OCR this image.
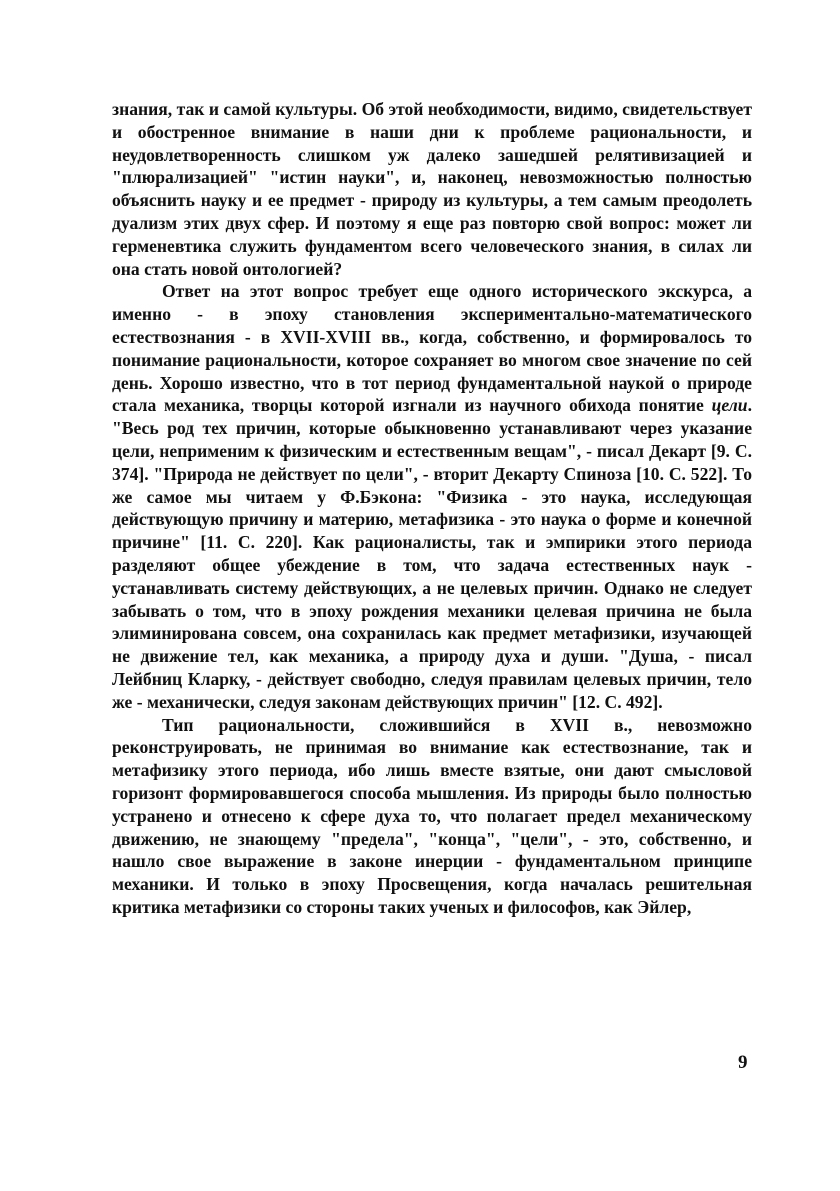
знания, так и самой культуры. Об этой необходимости, видимо, свидетельствует и обостренное внимание в наши дни к проблеме рациональности, и неудовлетворенность слишком уж далеко зашедшей релятивизацией и "плюрализацией" "истин науки", и, наконец, невозможностью полностью объяснить науку и ее предмет - природу из культуры, а тем самым преодолеть дуализм этих двух сфер. И поэтому я еще раз повторю свой вопрос: может ли герменевтика служить фундаментом всего человеческого знания, в силах ли она стать новой онтологией?

Ответ на этот вопрос требует еще одного исторического экскурса, а именно - в эпоху становления экспериментально-математического естествознания - в XVII-XVIII вв., когда, собственно, и формировалось то понимание рациональности, которое сохраняет во многом свое значение по сей день. Хорошо известно, что в тот период фундаментальной наукой о природе стала механика, творцы которой изгнали из научного обихода понятие цели. "Весь род тех причин, которые обыкновенно устанавливают через указание цели, неприменим к физическим и естественным вещам", - писал Декарт [9. С. 374]. "Природа не действует по цели", - вторит Декарту Спиноза [10. С. 522]. То же самое мы читаем у Ф.Бэкона: "Физика - это наука, исследующая действующую причину и материю, метафизика - это наука о форме и конечной причине" [11. С. 220]. Как рационалисты, так и эмпирики этого периода разделяют общее убеждение в том, что задача естественных наук - устанавливать систему действующих, а не целевых причин. Однако не следует забывать о том, что в эпоху рождения механики целевая причина не была элиминирована совсем, она сохранилась как предмет метафизики, изучающей не движение тел, как механика, а природу духа и души. "Душа, - писал Лейбниц Кларку, - действует свободно, следуя правилам целевых причин, тело же - механически, следуя законам действующих причин" [12. С. 492].

Тип рациональности, сложившийся в XVII в., невозможно реконструировать, не принимая во внимание как естествознание, так и метафизику этого периода, ибо лишь вместе взятые, они дают смысловой горизонт формировавшегося способа мышления. Из природы было полностью устранено и отнесено к сфере духа то, что полагает предел механическому движению, не знающему "предела", "конца", "цели", - это, собственно, и нашло свое выражение в законе инерции - фундаментальном принципе механики. И только в эпоху Просвещения, когда началась решительная критика метафизики со стороны таких ученых и философов, как Эйлер,

9
